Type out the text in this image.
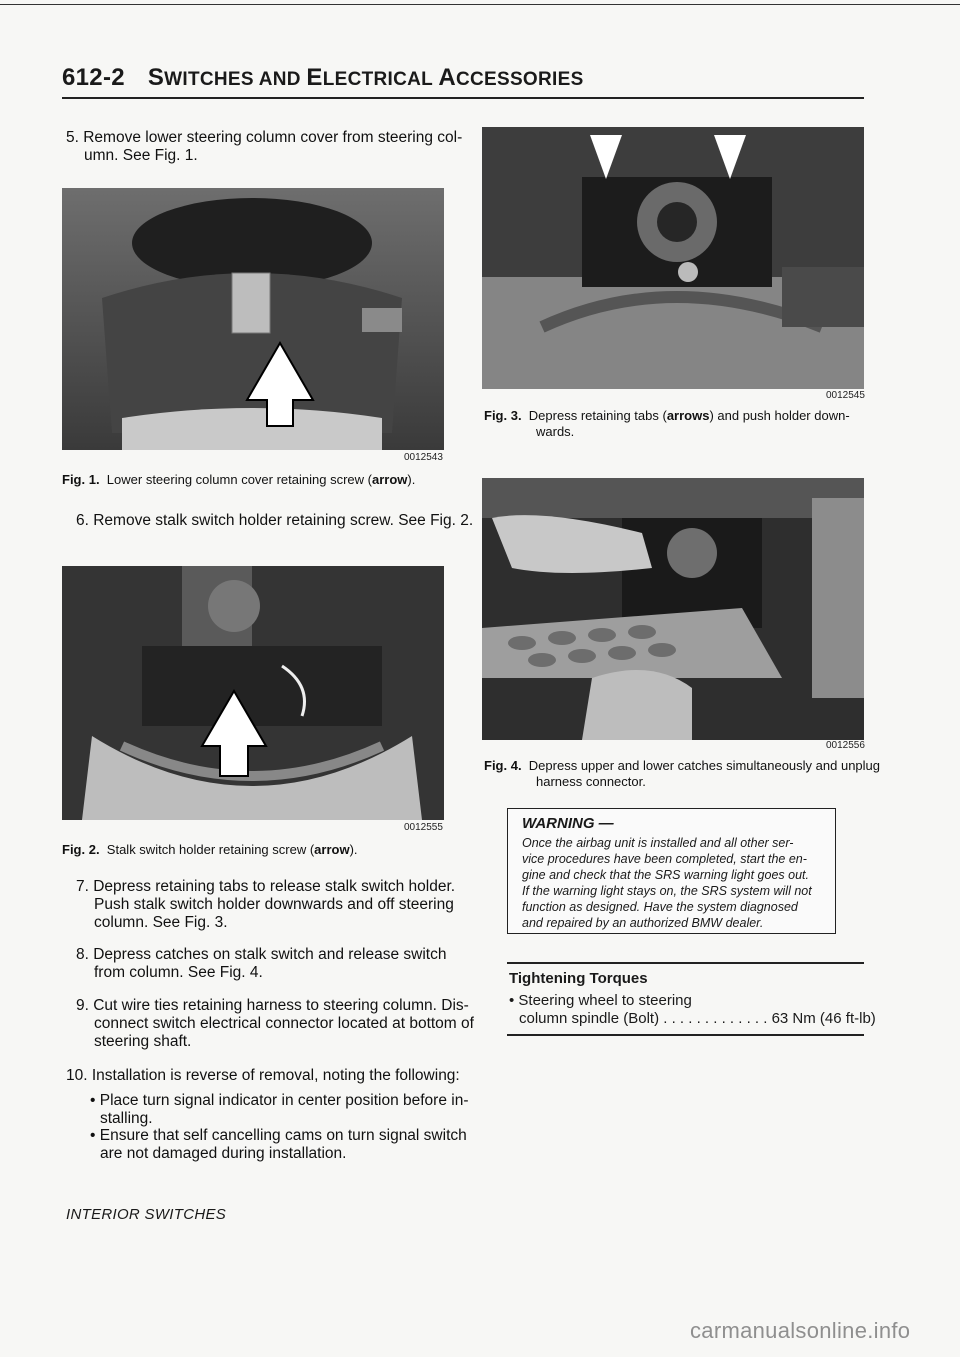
612-2 SWITCHES AND ELECTRICAL ACCESSORIES
5. Remove lower steering column cover from steering col-
umn. See Fig. 1.
0012543
Fig. 1. Lower steering column cover retaining screw (arrow).
6. Remove stalk switch holder retaining screw. See Fig. 2.
0012555
Fig. 2. Stalk switch holder retaining screw (arrow).
7. Depress retaining tabs to release stalk switch holder.
Push stalk switch holder downwards and off steering
column. See Fig. 3.
8. Depress catches on stalk switch and release switch
from column. See Fig. 4.
9. Cut wire ties retaining harness to steering column. Dis-
connect switch electrical connector located at bottom of
steering shaft.
10. Installation is reverse of removal, noting the following:
• Place turn signal indicator in center position before in-
stalling.
• Ensure that self cancelling cams on turn signal switch
are not damaged during installation.
0012545
Fig. 3. Depress retaining tabs (arrows) and push holder down-
wards.
0012556
Fig. 4. Depress upper and lower catches simultaneously and unplug
harness connector.
WARNING —
Once the airbag unit is installed and all other ser-
vice procedures have been completed, start the en-
gine and check that the SRS warning light goes out.
If the warning light stays on, the SRS system will not
function as designed. Have the system diagnosed
and repaired by an authorized BMW dealer.
Tightening Torques
• Steering wheel to steering
column spindle (Bolt) . . . . . . . . . . . . . 63 Nm (46 ft-lb)
INTERIOR SWITCHES
carmanualsonline.info
